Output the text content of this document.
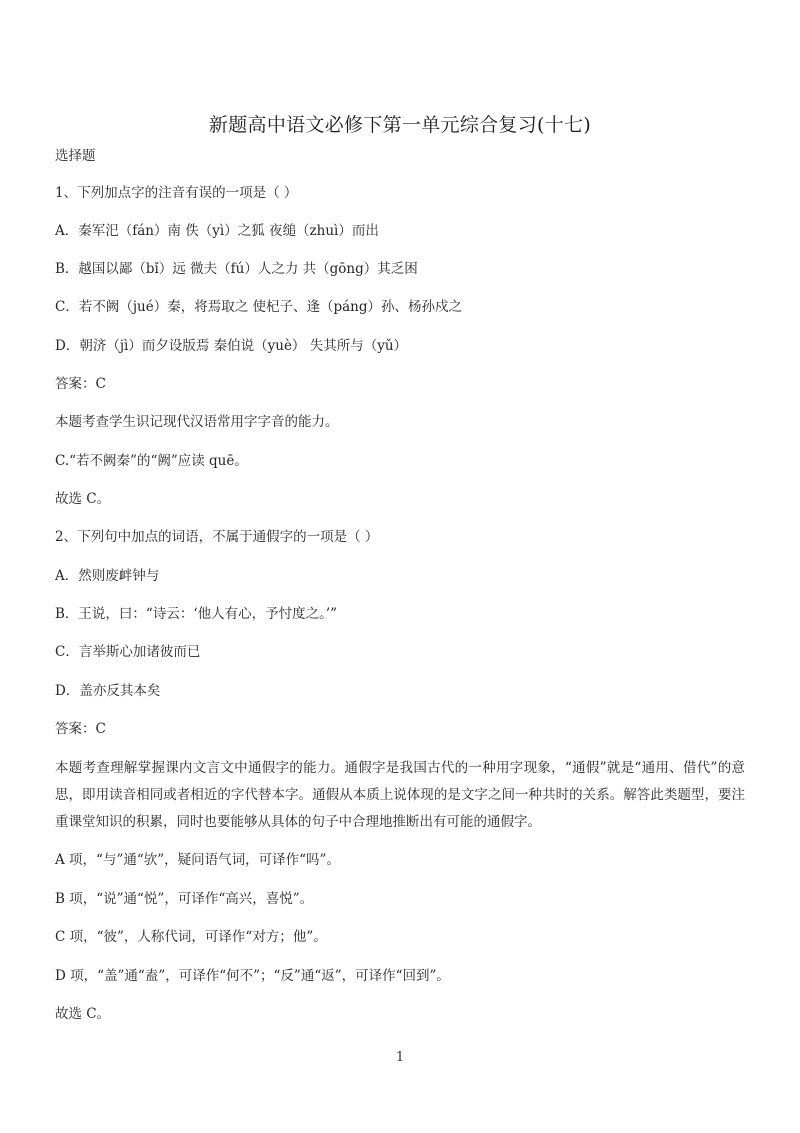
新题高中语文必修下第一单元综合复习(十七)
选择题
1、下列加点字的注音有误的一项是（ ）
A．秦军汜（fán）南 佚（yì）之狐 夜缒（zhuì）而出
B．越国以鄙（bǐ）远 微夫（fú）人之力 共（gōng）其乏困
C．若不阙（jué）秦，将焉取之 使杞子、逢（páng）孙、杨孙戍之
D．朝济（jì）而夕设版焉 秦伯说（yuè） 失其所与（yǔ）
答案：C
本题考查学生识记现代汉语常用字字音的能力。
C.“若不阙秦”的“阙”应读 quē。
故选 C。
2、下列句中加点的词语，不属于通假字的一项是（ ）
A．然则废衅钟与
B．王说，曰：“诗云：‘他人有心，予忖度之。’”
C．言举斯心加诸彼而已
D．盖亦反其本矣
答案：C
本题考查理解掌握课内文言文中通假字的能力。通假字是我国古代的一种用字现象，“通假”就是“通用、借代”的意思，即用读音相同或者相近的字代替本字。通假从本质上说体现的是文字之间一种共时的关系。解答此类题型，要注重课堂知识的积累，同时也要能够从具体的句子中合理地推断出有可能的通假字。
A 项，“与”通“欤”，疑问语气词，可译作“吗”。
B 项，“说”通“悦”，可译作“高兴，喜悦”。
C 项，“彼”，人称代词，可译作“对方；他”。
D 项，“盖”通“盍”，可译作“何不”；“反”通“返”，可译作“回到”。
故选 C。
1
